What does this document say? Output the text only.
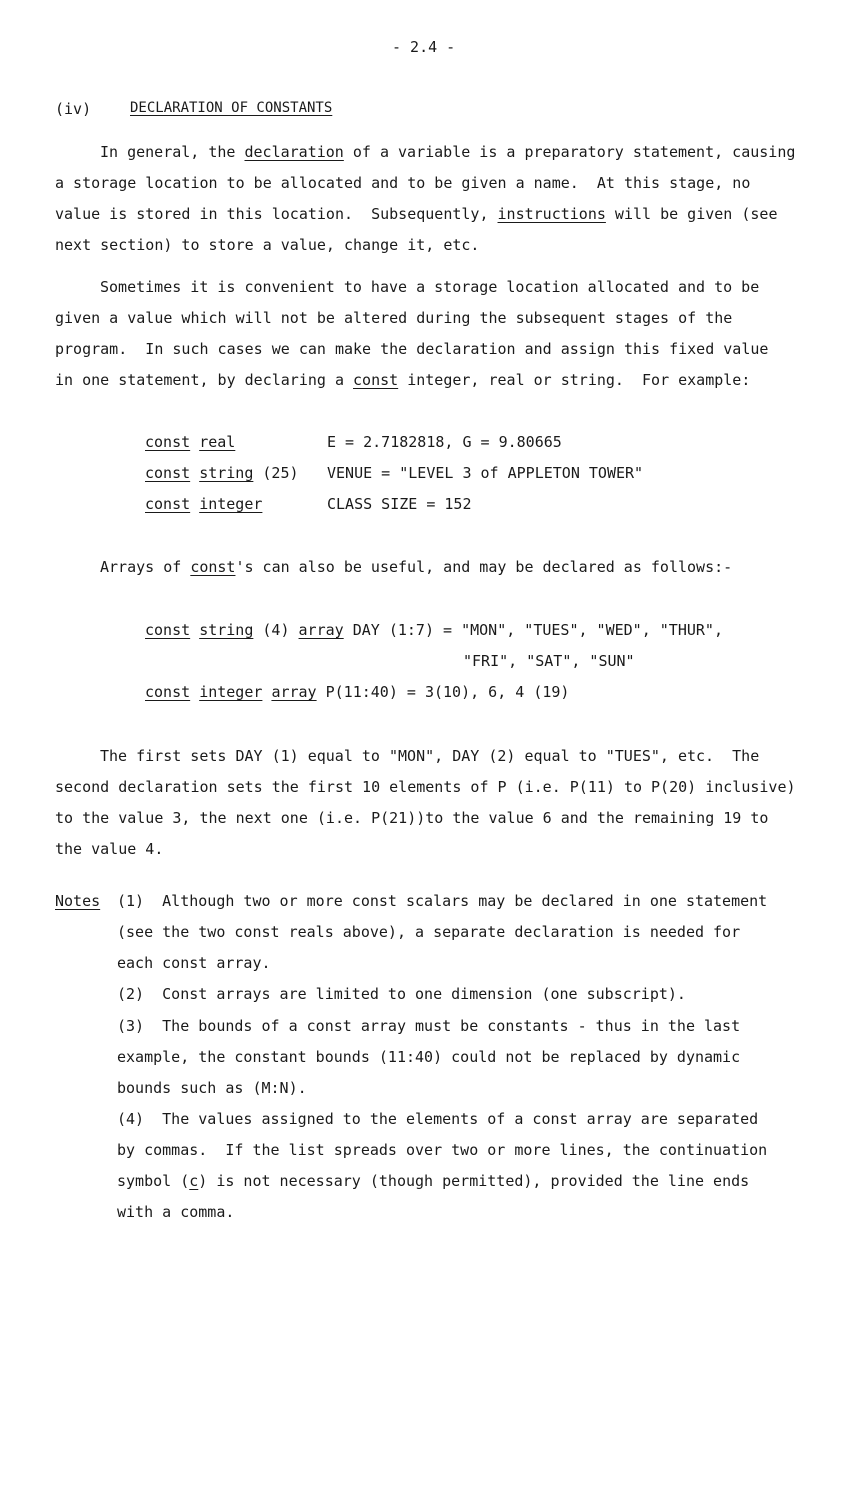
- 2.4 -
(iv)	DECLARATION OF CONSTANTS
In general, the declaration of a variable is a preparatory statement, causing
a storage location to be allocated and to be given a name.  At this stage, no
value is stored in this location.  Subsequently, instructions will be given (see
next section) to store a value, change it, etc.
Sometimes it is convenient to have a storage location allocated and to be
given a value which will not be altered during the subsequent stages of the
program.  In such cases we can make the declaration and assign this fixed value
in one statement, by declaring a const integer, real or string.  For example:
const real	E = 2.7182818, G = 9.80665
const string (25) VENUE = "LEVEL 3 of APPLETON TOWER"
const integer	CLASS SIZE = 152
Arrays of const's can also be useful, and may be declared as follows:-
const string (4) array DAY (1:7) = "MON", "TUES", "WED", "THUR",
"FRI", "SAT", "SUN"
const integer array P(11:40) = 3(10), 6, 4 (19)
The first sets DAY (1) equal to "MON", DAY (2) equal to "TUES", etc.  The
second declaration sets the first 10 elements of P (i.e. P(11) to P(20) inclusive)
to the value 3, the next one (i.e. P(21))to the value 6 and the remaining 19 to
the value 4.
Notes (1)  Although two or more const scalars may be declared in one statement
(see the two const reals above), a separate declaration is needed for
each const array.
(2)  Const arrays are limited to one dimension (one subscript).
(3)  The bounds of a const array must be constants - thus in the last
example, the constant bounds (11:40) could not be replaced by dynamic
bounds such as (M:N).
(4)  The values assigned to the elements of a const array are separated
by commas.  If the list spreads over two or more lines, the continuation
symbol (c) is not necessary (though permitted), provided the line ends
with a comma.
